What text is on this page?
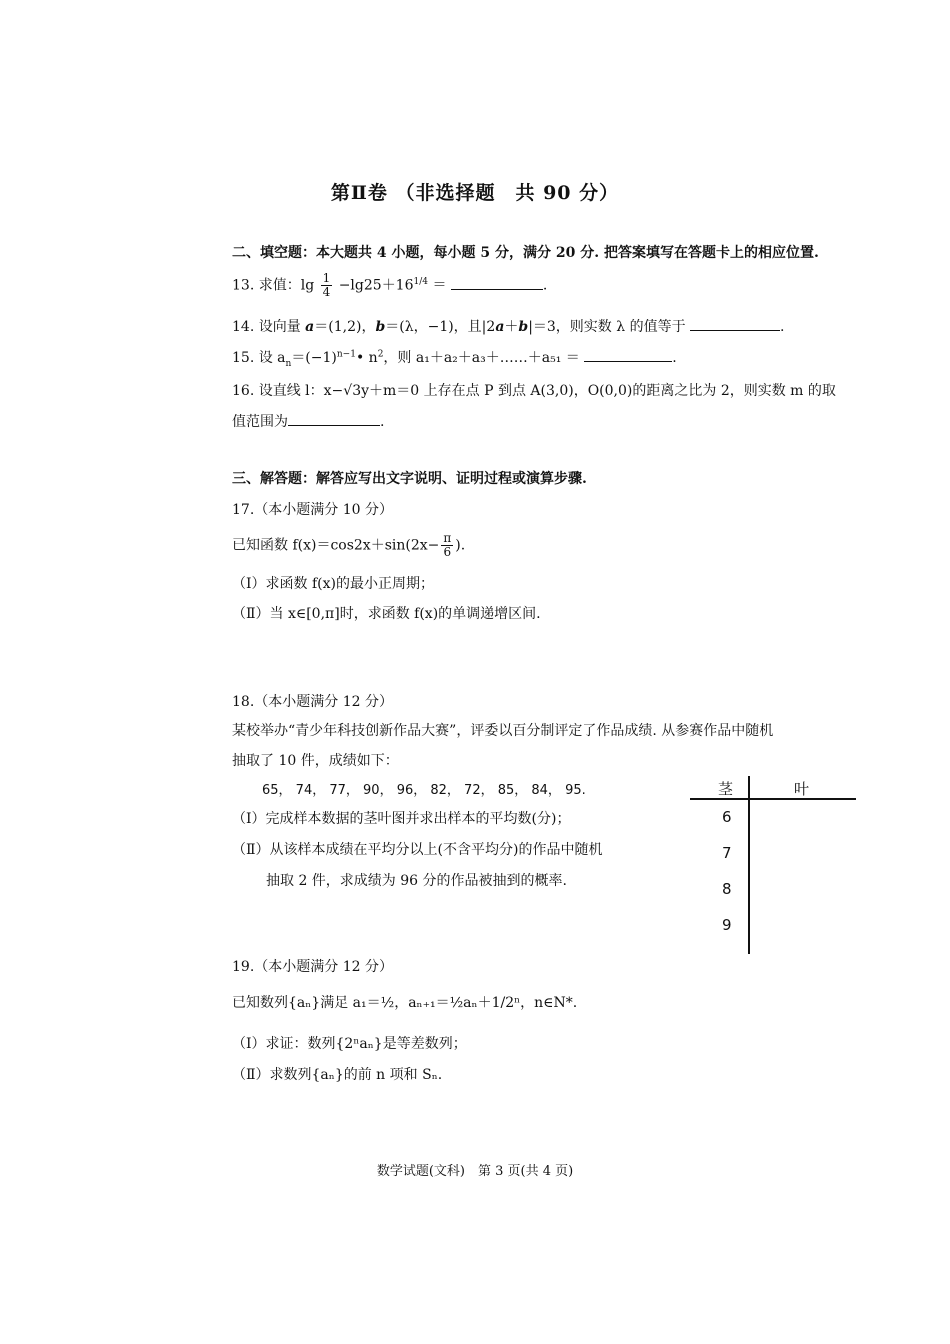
第Ⅱ卷 （非选择题　共 90 分）
二、填空题：本大题共 4 小题，每小题 5 分，满分 20 分. 把答案填写在答题卡上的相应位置.
13. 求值：$\lg \frac{1}{4} -\lg 25+16^{1/4}$ ＝	.
14. 设向量 a＝(1,2)，b＝(λ，−1)，且|2a＋b|＝3，则实数 λ 的值等于	.
15. 设 $a_n=(-1)^{n-1}•$ $n^2$，则 a₁＋a₂＋a₃＋……＋a₅₁ ＝	.
16. 设直线 l：x−√3y＋m＝0 上存在点 P 到点 A(3,0)，O(0,0)的距离之比为 2，则实数 m 的取
值范围为	.
三、解答题：解答应写出文字说明、证明过程或演算步骤.
17.（本小题满分 10 分）
已知函数 $f(x)=\cos 2x+\sin(2x- \frac{\pi}{6}$ ).
（Ⅰ）求函数 f(x)的最小正周期；
（Ⅱ）当 x∈[0,π]时，求函数 f(x)的单调递增区间.
18.（本小题满分 12 分）
某校举办“青少年科技创新作品大赛”，评委以百分制评定了作品成绩. 从参赛作品中随机
抽取了 10 件，成绩如下：
65， 74， 77， 90， 96， 82， 72， 85， 84， 95.
（Ⅰ）完成样本数据的茎叶图并求出样本的平均数(分)；
（Ⅱ）从该样本成绩在平均分以上(不含平均分)的作品中随机
抽取 2 件，求成绩为 96 分的作品被抽到的概率.
茎	叶
6
7
8
9
19.（本小题满分 12 分）
已知数列{aₙ}满足 a₁＝½，aₙ₊₁＝½aₙ＋1/2ⁿ，n∈N*.
（Ⅰ）求证：数列{2ⁿaₙ}是等差数列；
（Ⅱ）求数列{aₙ}的前 n 项和 Sₙ.
数学试题(文科)　第 3 页(共 4 页)
